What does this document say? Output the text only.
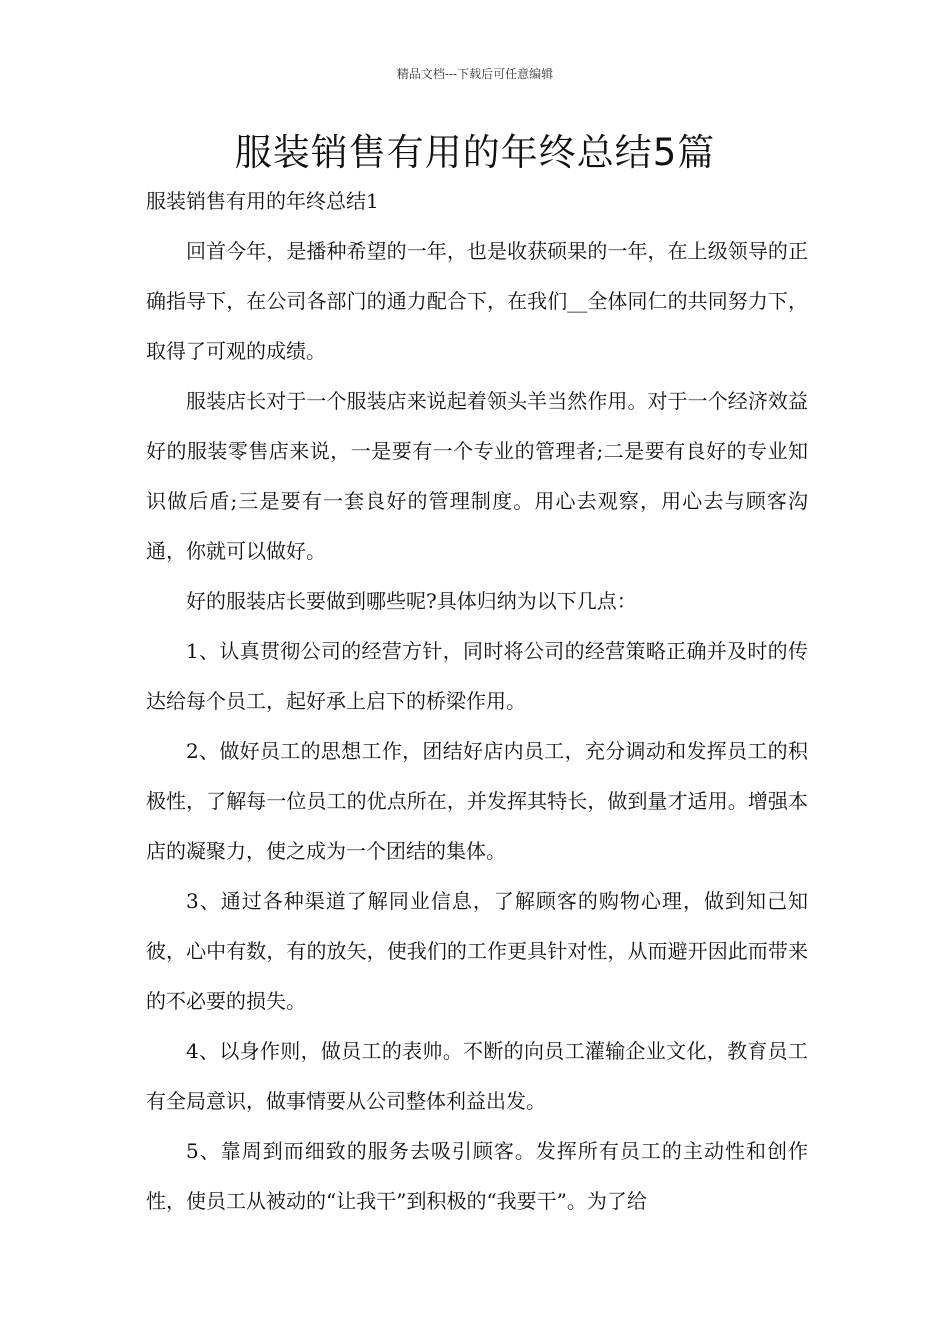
精品文档---下载后可任意编辑
服装销售有用的年终总结5篇
服装销售有用的年终总结1

回首今年，是播种希望的一年，也是收获硕果的一年，在上级领导的正确指导下，在公司各部门的通力配合下，在我们__全体同仁的共同努力下，取得了可观的成绩。

服装店长对于一个服装店来说起着领头羊当然作用。对于一个经济效益好的服装零售店来说，一是要有一个专业的管理者;二是要有良好的专业知识做后盾;三是要有一套良好的管理制度。用心去观察，用心去与顾客沟通，你就可以做好。

好的服装店长要做到哪些呢?具体归纳为以下几点：

1、认真贯彻公司的经营方针，同时将公司的经营策略正确并及时的传达给每个员工，起好承上启下的桥梁作用。

2、做好员工的思想工作，团结好店内员工，充分调动和发挥员工的积极性，了解每一位员工的优点所在，并发挥其特长，做到量才适用。增强本店的凝聚力，使之成为一个团结的集体。

3、通过各种渠道了解同业信息，了解顾客的购物心理，做到知己知彼，心中有数，有的放矢，使我们的工作更具针对性，从而避开因此而带来的不必要的损失。

4、以身作则，做员工的表帅。不断的向员工灌输企业文化，教育员工有全局意识，做事情要从公司整体利益出发。

5、靠周到而细致的服务去吸引顾客。发挥所有员工的主动性和创作性，使员工从被动的“让我干”到积极的“我要干”。为了给
